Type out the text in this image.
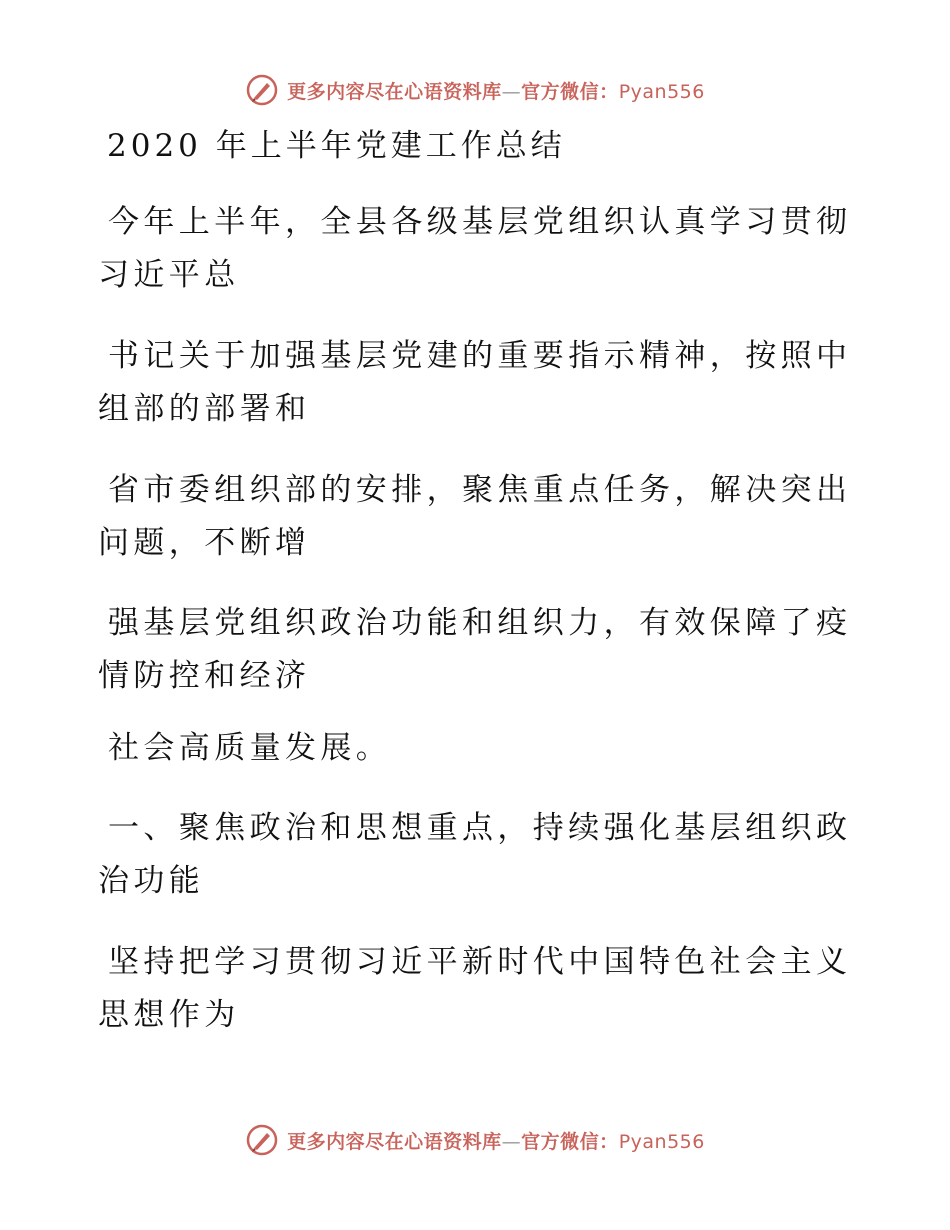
更多内容尽在心语资料库—官方微信：Pyan556
2020 年上半年党建工作总结

今年上半年，全县各级基层党组织认真学习贯彻
习近平总

书记关于加强基层党建的重要指示精神，按照中
组部的部署和

省市委组织部的安排，聚焦重点任务，解决突出
问题，不断增

强基层党组织政治功能和组织力，有效保障了疫
情防控和经济

社会高质量发展。

一、聚焦政治和思想重点，持续强化基层组织政
治功能

坚持把学习贯彻习近平新时代中国特色社会主义
思想作为

更多内容尽在心语资料库—官方微信：Pyan556
